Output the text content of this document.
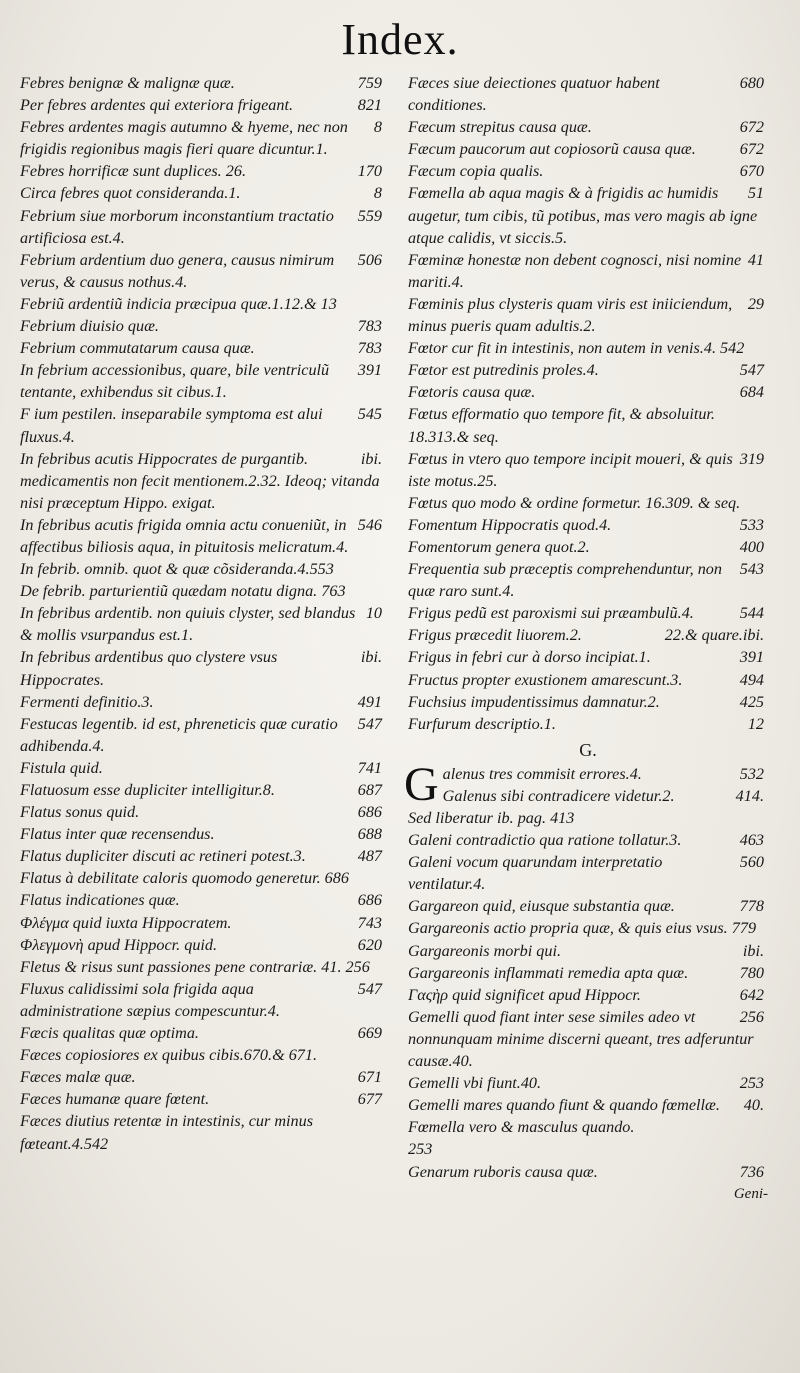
Index.
759
Febres benignæ & malignæ quæ.
821
Per febres ardentes qui exteriora frigeant.
8
Febres ardentes magis autumno & hyeme, nec non frigidis regionibus magis fieri quare dicuntur.1.
170
Febres horrificæ sunt duplices. 26.
8
Circa febres quot consideranda.1.
559
Febrium siue morborum inconstantium tractatio artificiosa est.4.
506
Febrium ardentium duo genera, causus nimirum verus, & causus nothus.4.
Febriũ ardentiũ indicia præcipua quæ.1.12.& 13
783
Febrium diuisio quæ.
783
Febrium commutatarum causa quæ.
391
In febrium accessionibus, quare, bile ventriculũ tentante, exhibendus sit cibus.1.
545
F ium pestilen. inseparabile symptoma est alui fluxus.4.
ibi.
In febribus acutis Hippocrates de purgantib. medicamentis non fecit mentionem.2.32. Ideoq; vitanda nisi præceptum Hippo. exigat.
546
In febribus acutis frigida omnia actu conueniũt, in affectibus biliosis aqua, in pituitosis melicratum.4.
In febrib. omnib. quot & quæ cõsideranda.4.553
De febrib. parturientiũ quædam notatu digna. 763
10
In febribus ardentib. non quiuis clyster, sed blandus & mollis vsurpandus est.1.
ibi.
In febribus ardentibus quo clystere vsus Hippocrates.
491
Fermenti definitio.3.
547
Festucas legentib. id est, phreneticis quæ curatio adhibenda.4.
741
Fistula quid.
687
Flatuosum esse dupliciter intelligitur.8.
686
Flatus sonus quid.
688
Flatus inter quæ recensendus.
487
Flatus dupliciter discuti ac retineri potest.3.
Flatus à debilitate caloris quomodo generetur. 686
686
Flatus indicationes quæ.
743
Φλέγμα quid iuxta Hippocratem.
620
Φλεγμονὴ apud Hippocr. quid.
Fletus & risus sunt passiones pene contrariæ. 41. 256
547
Fluxus calidissimi sola frigida aqua administratione sæpius compescuntur.4.
669
Fæcis qualitas quæ optima.
Fæces copiosiores ex quibus cibis.670.& 671.
671
Fæces malæ quæ.
677
Fæces humanæ quare fœtent.
Fæces diutius retentæ in intestinis, cur minus fœteant.4.542
680
Fæces siue deiectiones quatuor habent conditiones.
672
Fæcum strepitus causa quæ.
672
Fæcum paucorum aut copiosorũ causa quæ.
670
Fæcum copia qualis.
51
Fœmella ab aqua magis & à frigidis ac humidis augetur, tum cibis, tũ potibus, mas vero magis ab igne atque calidis, vt siccis.5.
41
Fœminæ honestæ non debent cognosci, nisi nomine mariti.4.
29
Fœminis plus clysteris quam viris est iniiciendum, minus pueris quam adultis.2.
Fœtor cur fit in intestinis, non autem in venis.4. 542
547
Fœtor est putredinis proles.4.
684
Fœtoris causa quæ.
Fœtus efformatio quo tempore fit, & absoluitur. 18.313.& seq.
319
Fœtus in vtero quo tempore incipit moueri, & quis iste motus.25.
Fœtus quo modo & ordine formetur. 16.309. & seq.
533
Fomentum Hippocratis quod.4.
400
Fomentorum genera quot.2.
543
Frequentia sub præceptis comprehenduntur, non quæ raro sunt.4.
544
Frigus pedũ est paroxismi sui præambulũ.4.
22.& quare.ibi.
Frigus præcedit liuorem.2.
391
Frigus in febri cur à dorso incipiat.1.
494
Fructus propter exustionem amarescunt.3.
425
Fuchsius impudentissimus damnatur.2.
12
Furfurum descriptio.1.
G.
G	532
alenus tres commisit errores.4.
414.
Galenus sibi contradicere videtur.2.
Sed liberatur ib. pag. 413
463
Galeni contradictio qua ratione tollatur.3.
560
Galeni vocum quarundam interpretatio ventilatur.4.
778
Gargareon quid, eiusque substantia quæ.
Gargareonis actio propria quæ, & quis eius vsus. 779
ibi.
Gargareonis morbi qui.
780
Gargareonis inflammati remedia apta quæ.
642
Γαςὴρ quid significet apud Hippocr.
256
Gemelli quod fiant inter sese similes adeo vt nonnunquam minime discerni queant, tres adferuntur causæ.40.
253
Gemelli vbi fiunt.40.
40.
Gemelli mares quando fiunt & quando fœmellæ. Fœmella vero & masculus quando.
253
736
Genarum ruboris causa quæ.
Geni-
